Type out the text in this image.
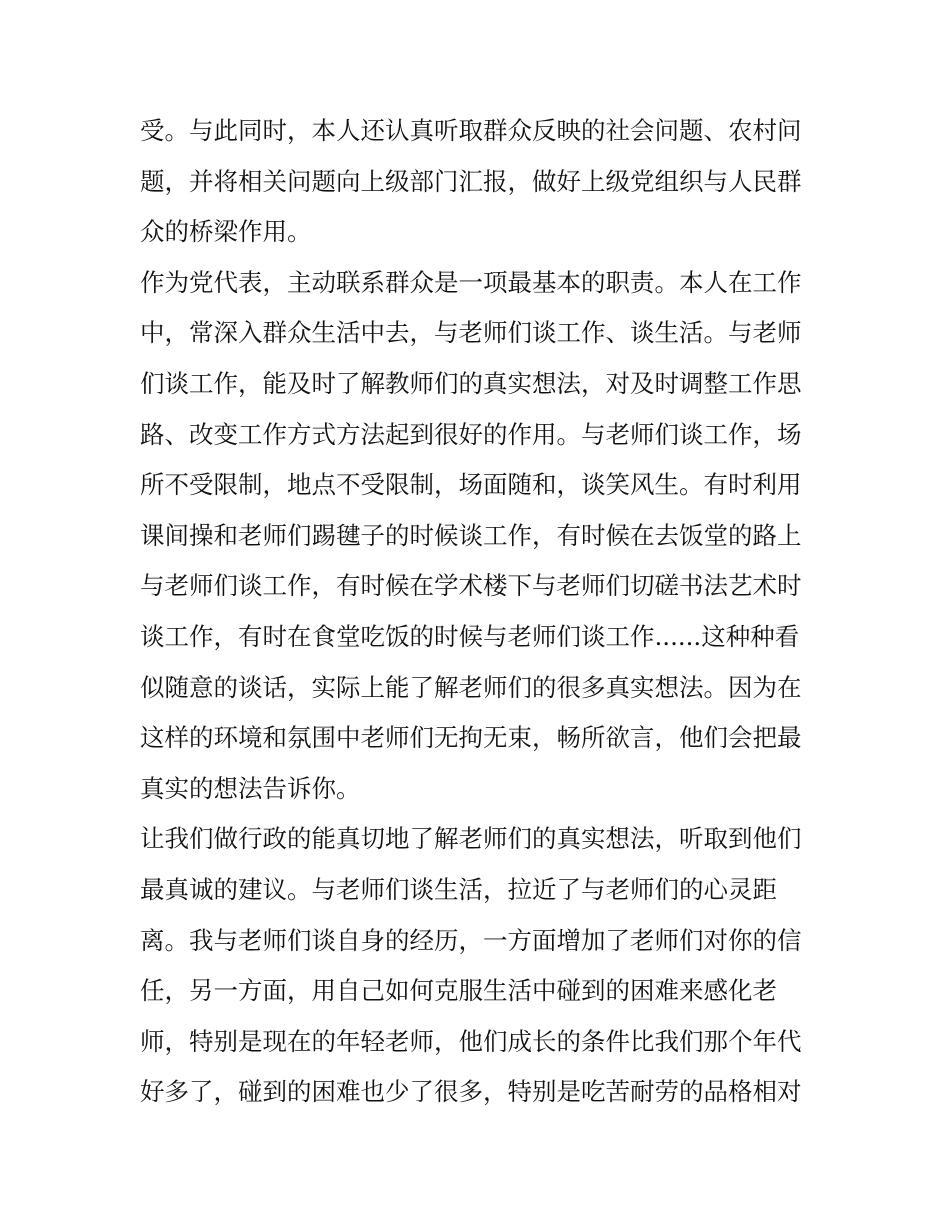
受。与此同时，本人还认真听取群众反映的社会问题、农村问
题，并将相关问题向上级部门汇报，做好上级党组织与人民群
众的桥梁作用。
作为党代表，主动联系群众是一项最基本的职责。本人在工作
中，常深入群众生活中去，与老师们谈工作、谈生活。与老师
们谈工作，能及时了解教师们的真实想法，对及时调整工作思
路、改变工作方式方法起到很好的作用。与老师们谈工作，场
所不受限制，地点不受限制，场面随和，谈笑风生。有时利用
课间操和老师们踢毽子的时候谈工作，有时候在去饭堂的路上
与老师们谈工作，有时候在学术楼下与老师们切磋书法艺术时
谈工作，有时在食堂吃饭的时候与老师们谈工作......这种种看
似随意的谈话，实际上能了解老师们的很多真实想法。因为在
这样的环境和氛围中老师们无拘无束，畅所欲言，他们会把最
真实的想法告诉你。
让我们做行政的能真切地了解老师们的真实想法，听取到他们
最真诚的建议。与老师们谈生活，拉近了与老师们的心灵距
离。我与老师们谈自身的经历，一方面增加了老师们对你的信
任，另一方面，用自己如何克服生活中碰到的困难来感化老
师，特别是现在的年轻老师，他们成长的条件比我们那个年代
好多了，碰到的困难也少了很多，特别是吃苦耐劳的品格相对
